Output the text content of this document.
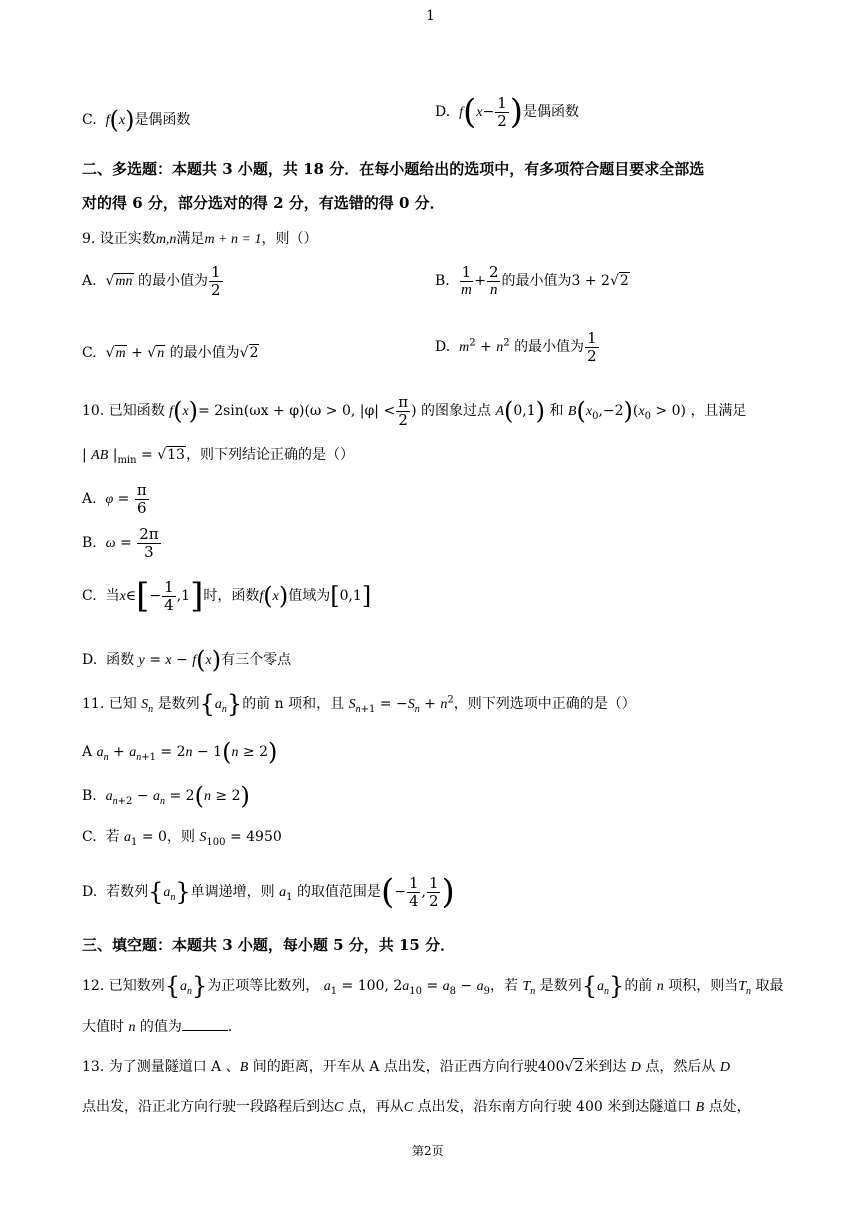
1
C. f(x)是偶函数	D. $f(x- \frac{1}{2}$ )是偶函数
二、多选题：本题共 3 小题，共 18 分．在每小题给出的选项中，有多项符合题目要求全部选
对的得 6 分，部分选对的得 2 分，有选错的得 0 分．
9. 设正实数m,n满足m + n = 1，则（）
A. √mn 的最小值为 $\frac{1}{2}$	B. $\frac{1}{m} + \frac{2}{n}$ 的最小值为3 + 2√2
C. √m + √n 的最小值为√2	D. $m^2 + n^2$ 的最小值为 $\frac{1}{2}$
10. 已知函数 f(x)= 2sin(ωx + φ)(ω > 0, $|\varphi| < \frac{\pi}{2}$ ) 的图象过点 A(0,1) 和 $B(x_0,-2)(x_0 > 0)$ ，且满足
| AB $|_{min} = √13$，则下列结论正确的是（）
A. $\varphi = \frac{\pi}{6}$
B. $\omega = \frac{2\pi}{3}$
C. 当x∈[− $\frac{1}{4} ,1$]时，函数f(x)值域为[0,1]
D. 函数 y = x − f(x)有三个零点
11. 已知 $S_n$ 是数列$\{a_n\}$的前 n 项和，且 $S_{n+1} = -S_n + n^2$，则下列选项中正确的是（）
A $a_n + a_{n+1} = 2n - 1(n \ge 2)$
B. $a_{n+2} - a_n = 2(n \ge 2)$
C. 若 $a_1 = 0$，则 $S_{100} = 4950$
D. 若数列$\{a_n\}$单调递增，则 $a_1$ 的取值范围是(− $\frac{1}{4}$ , $\frac{1}{2}$ )
三、填空题：本题共 3 小题，每小题 5 分，共 15 分．
12. 已知数列$\{a_n\}$为正项等比数列， $a_1 = 100$, $2a_{10} = a_8 - a_9$，若 $T_n$ 是数列$\{a_n\}$的前 n 项积，则当$T_n$ 取最
大值时 n 的值为	.
13. 为了测量隧道口 A 、B 间的距离，开车从 A 点出发，沿正西方向行驶400√2米到达 D 点，然后从 D
点出发，沿正北方向行驶一段路程后到达C 点，再从C 点出发，沿东南方向行驶 400 米到达隧道口 B 点处，
第2页
